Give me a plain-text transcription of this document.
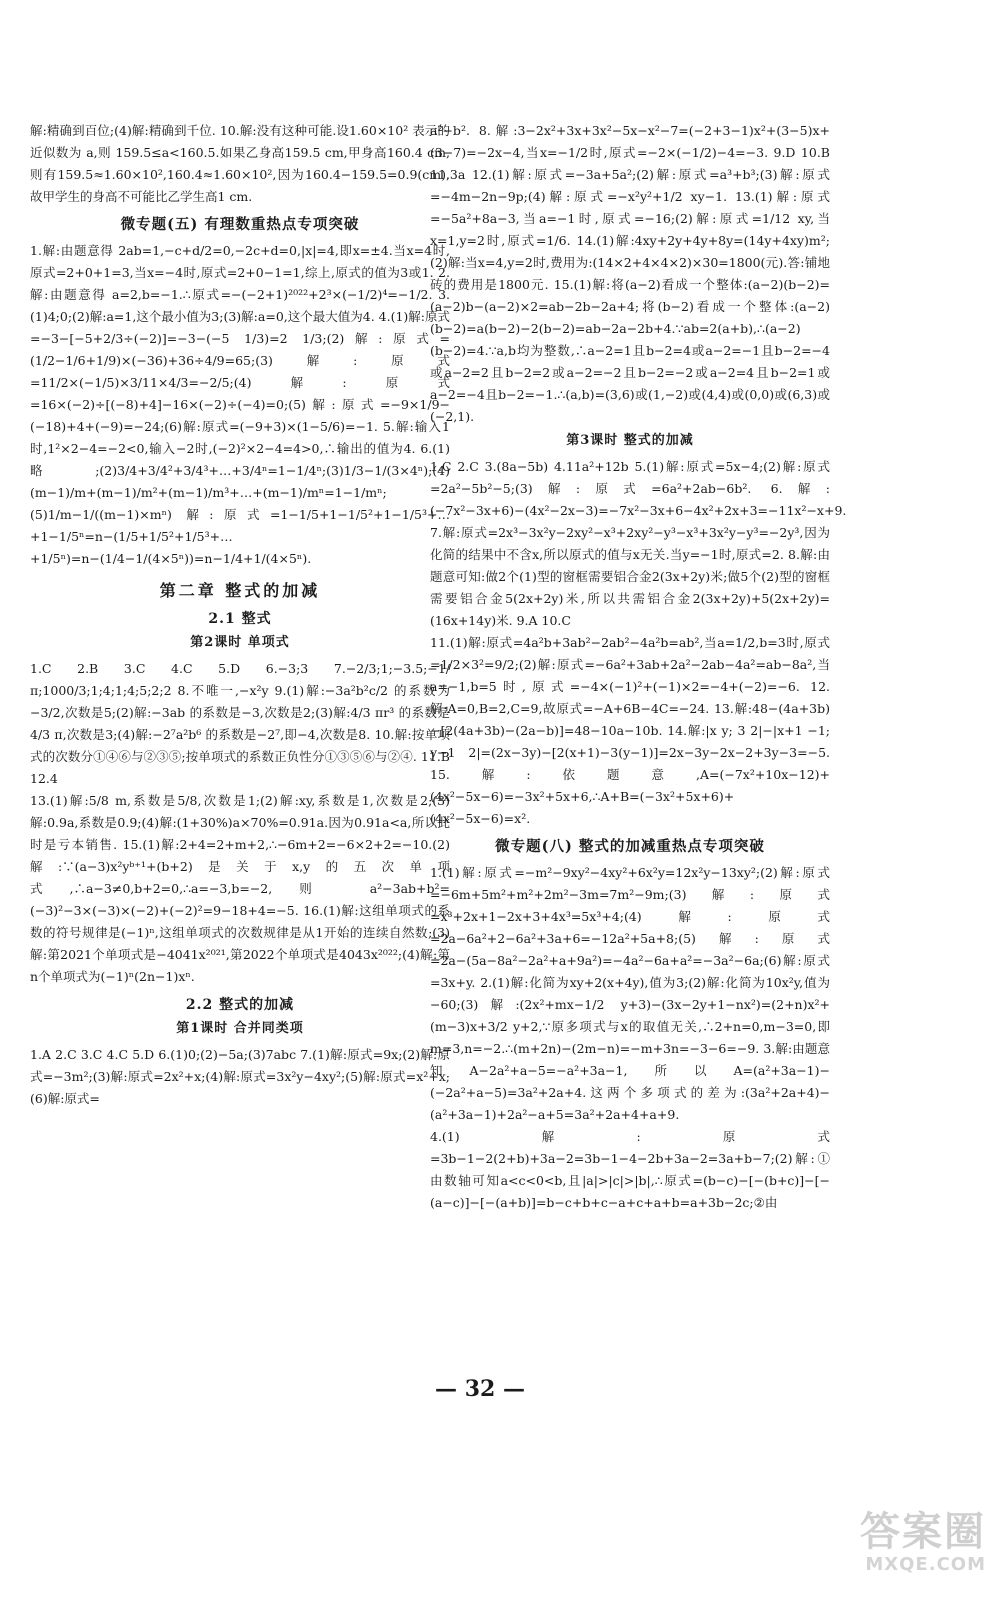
解:精确到百位;(4)解:精确到千位. 10.解:没有这种可能.设1.60×10² 表示的近似数为 a,则 159.5≤a<160.5.如果乙身高159.5 cm,甲身高160.4 cm,则有159.5≈1.60×10²,160.4≈1.60×10²,因为160.4−159.5=0.9(cm),故甲学生的身高不可能比乙学生高1 cm.
微专题(五) 有理数重热点专项突破
1.解:由题意得 2ab=1,−c+d/2=0,−2c+d=0,|x|=4,即x=±4.当x=4时,原式=2+0+1=3,当x=−4时,原式=2+0−1=1,综上,原式的值为3或1. 2.解:由题意得 a=2,b=−1.∴原式=−(−2+1)²⁰²²+2³×(−1/2)⁴=−1/2. 3.(1)4;0;(2)解:a=1,这个最小值为3;(3)解:a=0,这个最大值为4. 4.(1)解:原式=−3−[−5+2/3÷(−2)]=−3−(−5 1/3)=2 1/3;(2)解:原式=(1/2−1/6+1/9)×(−36)+36÷4/9=65;(3)解:原式=11/2×(−1/5)×3/11×4/3=−2/5;(4)解:原式=16×(−2)÷[(−8)+4]−16×(−2)÷(−4)=0;(5)解:原式=−9×1/9−(−18)+4+(−9)=−24;(6)解:原式=(−9+3)×(1−5/6)=−1. 5.解:输入1时,1²×2−4=−2<0,输入−2时,(−2)²×2−4=4>0,∴输出的值为4. 6.(1)略;(2)3/4+3/4²+3/4³+…+3/4ⁿ=1−1/4ⁿ;(3)1/3−1/(3×4ⁿ);(4)(m−1)/m+(m−1)/m²+(m−1)/m³+…+(m−1)/mⁿ=1−1/mⁿ;(5)1/m−1/((m−1)×mⁿ) 解:原式=1−1/5+1−1/5²+1−1/5³+…+1−1/5ⁿ=n−(1/5+1/5²+1/5³+…+1/5ⁿ)=n−(1/4−1/(4×5ⁿ))=n−1/4+1/(4×5ⁿ).
第二章 整式的加减
2.1 整式
第2课时 单项式
1.C 2.B 3.C 4.C 5.D 6.−3;3 7.−2/3;1;−3.5;−1/π;1000/3;1;4;1;4;5;2;2 8.不唯一,−x²y 9.(1)解:−3a²b²c/2 的系数为−3/2,次数是5;(2)解:−3ab 的系数是−3,次数是2;(3)解:4/3 πr³ 的系数是 4/3 π,次数是3;(4)解:−2⁷a²b⁶ 的系数是−2⁷,即−4,次数是8. 10.解:按单项式的次数分①④⑥与②③⑤;按单项式的系数正负性分①③⑤⑥与②④. 11.B 12.4
13.(1)解:5/8 m,系数是5/8,次数是1;(2)解:xy,系数是1,次数是2;(3)解:0.9a,系数是0.9;(4)解:(1+30%)a×70%=0.91a.因为0.91a<a,所以此时是亏本销售. 15.(1)解:2+4=2+m+2,∴−6m+2=−6×2+2=−10.(2)解:∵(a−3)x²yᵇ⁺¹+(b+2)是关于x,y的五次单项式,∴a−3≠0,b+2=0,∴a=−3,b=−2,则 a²−3ab+b²=(−3)²−3×(−3)×(−2)+(−2)²=9−18+4=−5. 16.(1)解:这组单项式的系数的符号规律是(−1)ⁿ,这组单项式的次数规律是从1开始的连续自然数;(3)解:第2021个单项式是−4041x²⁰²¹,第2022个单项式是4043x²⁰²²;(4)解:第n个单项式为(−1)ⁿ(2n−1)xⁿ.
2.2 整式的加减
第1课时 合并同类项
1.A 2.C 3.C 4.C 5.D 6.(1)0;(2)−5a;(3)7abc 7.(1)解:原式=9x;(2)解:原式=−3m²;(3)解:原式=2x²+x;(4)解:原式=3x²y−4xy²;(5)解:原式=x²+x;(6)解:原式=
a²−b². 8.解:3−2x²+3x+3x²−5x−x²−7=(−2+3−1)x²+(3−5)x+(3−7)=−2x−4,当x=−1/2时,原式=−2×(−1/2)−4=−3. 9.D 10.B 11.3a 12.(1)解:原式=−3a+5a²;(2)解:原式=a³+b³;(3)解:原式=−4m−2n−9p;(4)解:原式=−x²y²+1/2 xy−1. 13.(1)解:原式=−5a²+8a−3,当a=−1时,原式=−16;(2)解:原式=1/12 xy,当x=1,y=2时,原式=1/6. 14.(1)解:4xy+2y+4y+8y=(14y+4xy)m²;(2)解:当x=4,y=2时,费用为:(14×2+4×4×2)×30=1800(元).答:铺地砖的费用是1800元. 15.(1)解:将(a−2)看成一个整体:(a−2)(b−2)=(a−2)b−(a−2)×2=ab−2b−2a+4;将(b−2)看成一个整体:(a−2)(b−2)=a(b−2)−2(b−2)=ab−2a−2b+4.∵ab=2(a+b),∴(a−2)(b−2)=4.∵a,b均为整数,∴a−2=1且b−2=4或a−2=−1且b−2=−4或a−2=2且b−2=2或a−2=−2且b−2=−2或a−2=4且b−2=1或a−2=−4且b−2=−1.∴(a,b)=(3,6)或(1,−2)或(4,4)或(0,0)或(6,3)或(−2,1).
第3课时 整式的加减
1.C 2.C 3.(8a−5b) 4.11a²+12b 5.(1)解:原式=5x−4;(2)解:原式=2a²−5b²−5;(3)解:原式=6a²+2ab−6b². 6.解:(−7x²−3x+6)−(4x²−2x−3)=−7x²−3x+6−4x²+2x+3=−11x²−x+9. 7.解:原式=2x³−3x²y−2xy²−x³+2xy²−y³−x³+3x²y−y³=−2y³,因为化简的结果中不含x,所以原式的值与x无关.当y=−1时,原式=2. 8.解:由题意可知:做2个(1)型的窗框需要铝合金2(3x+2y)米;做5个(2)型的窗框需要铝合金5(2x+2y)米,所以共需铝合金2(3x+2y)+5(2x+2y)=(16x+14y)米. 9.A 10.C
11.(1)解:原式=4a²b+3ab²−2ab²−4a²b=ab²,当a=1/2,b=3时,原式=1/2×3²=9/2;(2)解:原式=−6a²+3ab+2a²−2ab−4a²=ab−8a²,当a=−1,b=5时,原式=−4×(−1)²+(−1)×2=−4+(−2)=−6. 12.解:A=0,B=2,C=9,故原式=−A+6B−4C=−24. 13.解:48−(4a+3b)−[2(4a+3b)−(2a−b)]=48−10a−10b. 14.解:|x y; 3 2|−|x+1 −1; y−1 2|=(2x−3y)−[2(x+1)−3(y−1)]=2x−3y−2x−2+3y−3=−5. 15.解:依题意,A=(−7x²+10x−12)+(4x²−5x−6)=−3x²+5x+6,∴A+B=(−3x²+5x+6)+(4x²−5x−6)=x².
微专题(八) 整式的加减重热点专项突破
1.(1)解:原式=−m²−9xy²−4xy²+6x²y=12x²y−13xy²;(2)解:原式=−6m+5m²+m²+2m²−3m=7m²−9m;(3)解:原式=x³+2x+1−2x+3+4x³=5x³+4;(4)解:原式=2a−6a²+2−6a²+3a+6=−12a²+5a+8;(5)解:原式=2a−(5a−8a²−2a²+a+9a²)=−4a²−6a+a²=−3a²−6a;(6)解:原式=3x+y. 2.(1)解:化简为xy+2(x+4y),值为3;(2)解:化简为10x²y,值为−60;(3)解:(2x²+mx−1/2 y+3)−(3x−2y+1−nx²)=(2+n)x²+(m−3)x+3/2 y+2,∵原多项式与x的取值无关,∴2+n=0,m−3=0,即m=3,n=−2.∴(m+2n)−(2m−n)=−m+3n=−3−6=−9. 3.解:由题意知A−2a²+a−5=−a²+3a−1,所以A=(a²+3a−1)−(−2a²+a−5)=3a²+2a+4.这两个多项式的差为:(3a²+2a+4)−(a²+3a−1)+2a²−a+5=3a²+2a+4+a+9.
4.(1)解:原式=3b−1−2(2+b)+3a−2=3b−1−4−2b+3a−2=3a+b−7;(2)解:①由数轴可知a<c<0<b,且|a|>|c|>|b|,∴原式=(b−c)−[−(b+c)]−[−(a−c)]−[−(a+b)]=b−c+b+c−a+c+a+b=a+3b−2c;②由
— 32 —
答案圈
MXQE.COM
